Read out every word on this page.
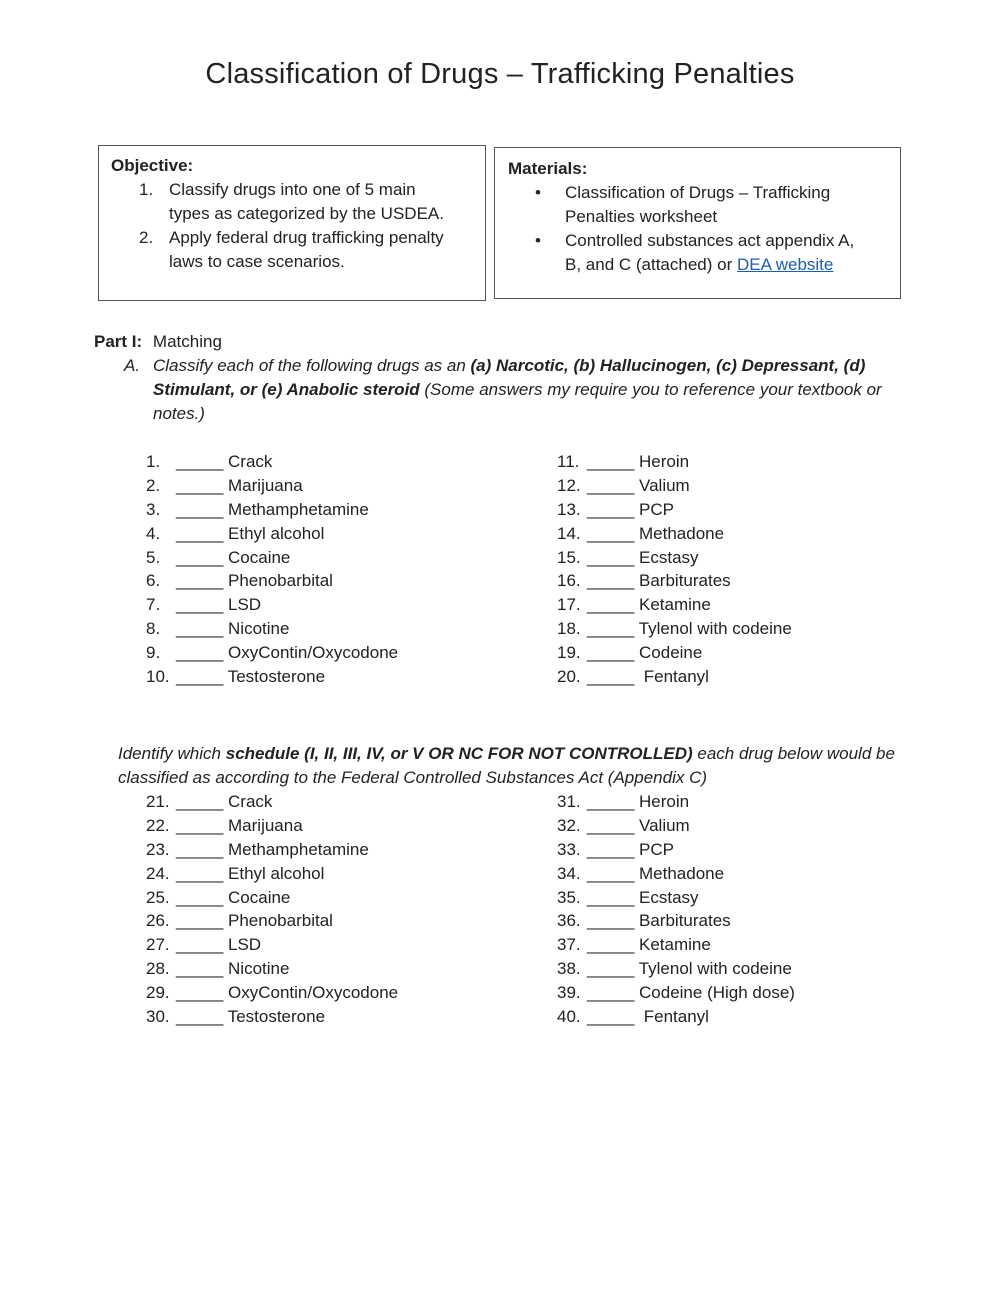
Classification of Drugs – Trafficking Penalties
Objective:
1. Classify drugs into one of 5 main
types as categorized by the USDEA.
2. Apply federal drug trafficking penalty
laws to case scenarios.
Materials:
• Classification of Drugs – Trafficking
Penalties worksheet
• Controlled substances act appendix A,
B, and C (attached) or DEA website
Part I: Matching
A. Classify each of the following drugs as an (a) Narcotic, (b) Hallucinogen, (c) Depressant, (d) Stimulant, or (e) Anabolic steroid (Some answers my require you to reference your textbook or notes.)
1. _____ Crack
2. _____ Marijuana
3. _____ Methamphetamine
4. _____ Ethyl alcohol
5. _____ Cocaine
6. _____ Phenobarbital
7. _____ LSD
8. _____ Nicotine
9. _____ OxyContin/Oxycodone
10. _____ Testosterone
11. _____ Heroin
12. _____ Valium
13. _____ PCP
14. _____ Methadone
15. _____ Ecstasy
16. _____ Barbiturates
17. _____ Ketamine
18. _____ Tylenol with codeine
19. _____ Codeine
20. _____  Fentanyl
Identify which schedule (I, II, III, IV, or V OR NC FOR NOT CONTROLLED) each drug below would be classified as according to the Federal Controlled Substances Act (Appendix C)
21. _____ Crack
22. _____ Marijuana
23. _____ Methamphetamine
24. _____ Ethyl alcohol
25. _____ Cocaine
26. _____ Phenobarbital
27. _____ LSD
28. _____ Nicotine
29. _____ OxyContin/Oxycodone
30. _____ Testosterone
31. _____ Heroin
32. _____ Valium
33. _____ PCP
34. _____ Methadone
35. _____ Ecstasy
36. _____ Barbiturates
37. _____ Ketamine
38. _____ Tylenol with codeine
39. _____ Codeine (High dose)
40. _____  Fentanyl
